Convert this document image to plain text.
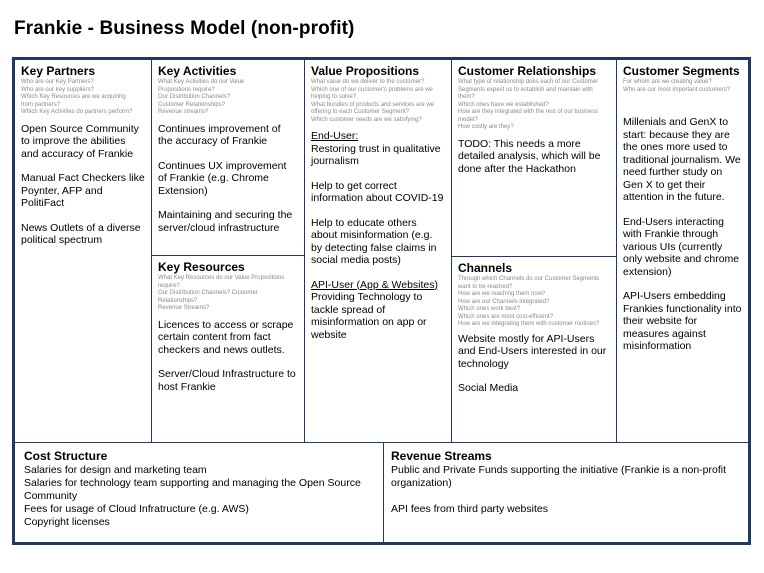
Frankie - Business Model (non-profit)
Key Partners
Who are our Key Partners?
Who are our key suppliers?
Which Key Resources are we acquiring
from partners?
Which Key Activities do partners perform?

Open Source Community to improve the abilities and accuracy of Frankie

Manual Fact Checkers like Poynter, AFP and PolitiFact

News Outlets of a diverse political spectrum

Key Activities
What Key Activities do our Value
Propositions require?
Our Distribution Channels?
Customer Relationships?
Revenue streams?

Continues improvement of the accuracy of Frankie

Continues UX improvement of Frankie (e.g. Chrome Extension)

Maintaining and securing the server/cloud infrastructure

Key Resources
What Key Resources do our Value Propositions
require?
Our Distribution Channels? Customer
Relationships?
Revenue Streams?

Licences to access or scrape certain content from fact checkers and news outlets.

Server/Cloud Infrastructure to host Frankie

Value Propositions
What value do we deliver to the customer?
Which one of our customer's problems are we
helping to solve?
What bundles of products and services are we
offering to each Customer Segment?
Which customer needs are we satisfying?
End-User:

Restoring trust in qualitative journalism

Help to get correct information about COVID-19

Help to educate others about misinformation (e.g. by detecting false claims in social media posts)

API-User (App & Websites)

Providing Technology to tackle spread of misinformation on app or website

Customer Relationships
What type of relationship does each of our Customer
Segments expect us to establish and maintain with
them?
Which ones have we established?
How are they integrated with the rest of our business
model?
How costly are they?

TODO: This needs a more detailed analysis, which will be done after the Hackathon

Channels
Through which Channels do our Customer Segments
want to be reached?
How are we reaching them now?
How are our Channels integrated?
Which ones work best?
Which ones are most cost-efficient?
How are we integrating them with customer routines?

Website mostly for API-Users and End-Users interested in our technology

Social Media

Customer Segments
For whom are we creating value?
Who are our most important customers?

Millenials and GenX to start: because they are the ones more used to traditional journalism. We need further study on Gen X to get their attention in the future.

End-Users interacting with Frankie through various UIs (currently only website and chrome extension)

API-Users embedding Frankies functionality into their website for measures against misinformation

Cost Structure
Salaries for design and marketing team
Salaries for technology team supporting and managing the Open Source Community
Fees for usage of Cloud Infratructure (e.g. AWS)
Copyright licenses
Revenue Streams

Public and Private Funds supporting the initiative (Frankie is a non-profit organization)

API fees from third party websites
